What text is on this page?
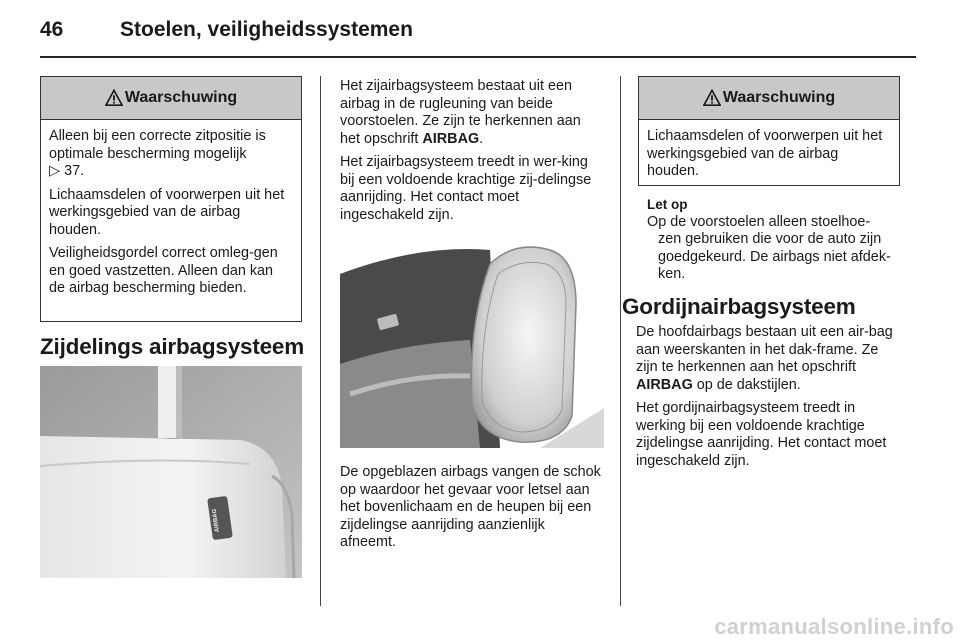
46	Stoelen, veiligheidssystemen
Waarschuwing

Alleen bij een correcte zitpositie is
optimale bescherming mogelijk
▷ 37.

Lichaamsdelen of voorwerpen uit het werkingsgebied van de airbag houden.

Veiligheidsgordel correct omleg-gen en goed vastzetten. Alleen dan kan de airbag bescherming bieden.

Zijdelings airbagsysteem
AIRBAG

Het zijairbagsysteem bestaat uit een airbag in de rugleuning van beide voorstoelen. Ze zijn te herkennen aan het opschrift AIRBAG.

Het zijairbagsysteem treedt in wer-king bij een voldoende krachtige zij-delingse aanrijding. Het contact moet ingeschakeld zijn.

De opgeblazen airbags vangen de schok op waardoor het gevaar voor letsel aan het bovenlichaam en de heupen bij een zijdelingse aanrijding aanzienlijk afneemt.

Waarschuwing

Lichaamsdelen of voorwerpen uit het werkingsgebied van de airbag houden.

Let op
Op de voorstoelen alleen stoelhoe-
zen gebruiken die voor de auto zijn
goedgekeurd. De airbags niet afdek-
ken.
Gordijnairbagsysteem

De hoofdairbags bestaan uit een air-bag aan weerskanten in het dak-frame. Ze zijn te herkennen aan het opschrift AIRBAG op de dakstijlen.

Het gordijnairbagsysteem treedt in werking bij een voldoende krachtige zijdelingse aanrijding. Het contact moet ingeschakeld zijn.

carmanualsonline.info
